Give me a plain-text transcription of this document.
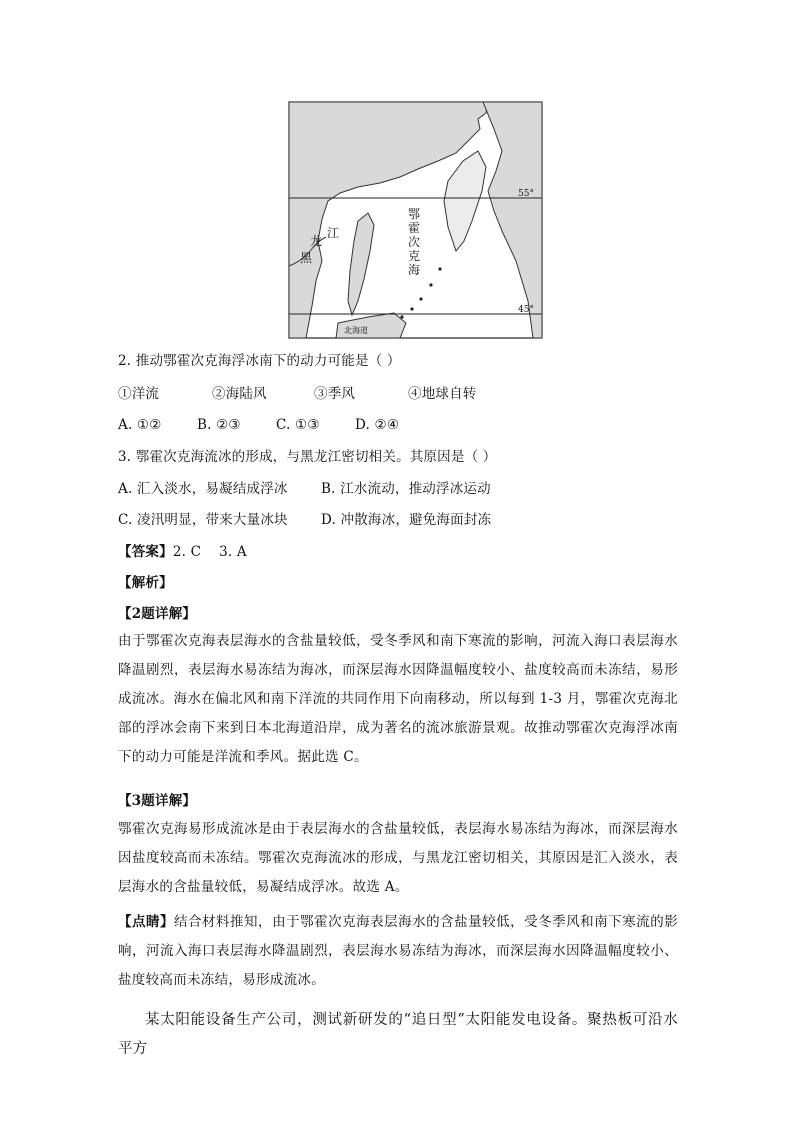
鄂
霍
次
克
海
江
龙
黑
55°
45°
北海道
2. 推动鄂霍次克海浮冰南下的动力可能是（ ）
①洋流	②海陆风	③季风	④地球自转
A. ①②	B. ②③	C. ①③	D. ②④
3. 鄂霍次克海流冰的形成，与黑龙江密切相关。其原因是（ ）
A. 汇入淡水，易凝结成浮冰 B. 江水流动，推动浮冰运动
C. 凌汛明显，带来大量冰块 D. 冲散海冰，避免海面封冻
【答案】2. C    3. A
【解析】
【2题详解】
由于鄂霍次克海表层海水的含盐量较低，受冬季风和南下寒流的影响，河流入海口表层海水降温剧烈，表层海水易冻结为海冰，而深层海水因降温幅度较小、盐度较高而未冻结，易形成流冰。海水在偏北风和南下洋流的共同作用下向南移动，所以每到 1-3 月，鄂霍次克海北部的浮冰会南下来到日本北海道沿岸，成为著名的流冰旅游景观。故推动鄂霍次克海浮冰南下的动力可能是洋流和季风。据此选 C。
【3题详解】
鄂霍次克海易形成流冰是由于表层海水的含盐量较低，表层海水易冻结为海冰，而深层海水因盐度较高而未冻结。鄂霍次克海流冰的形成，与黑龙江密切相关，其原因是汇入淡水，表层海水的含盐量较低，易凝结成浮冰。故选 A。
【点睛】结合材料推知，由于鄂霍次克海表层海水的含盐量较低，受冬季风和南下寒流的影响，河流入海口表层海水降温剧烈，表层海水易冻结为海冰，而深层海水因降温幅度较小、盐度较高而未冻结，易形成流冰。
某太阳能设备生产公司，测试新研发的“追日型”太阳能发电设备。聚热板可沿水平方
